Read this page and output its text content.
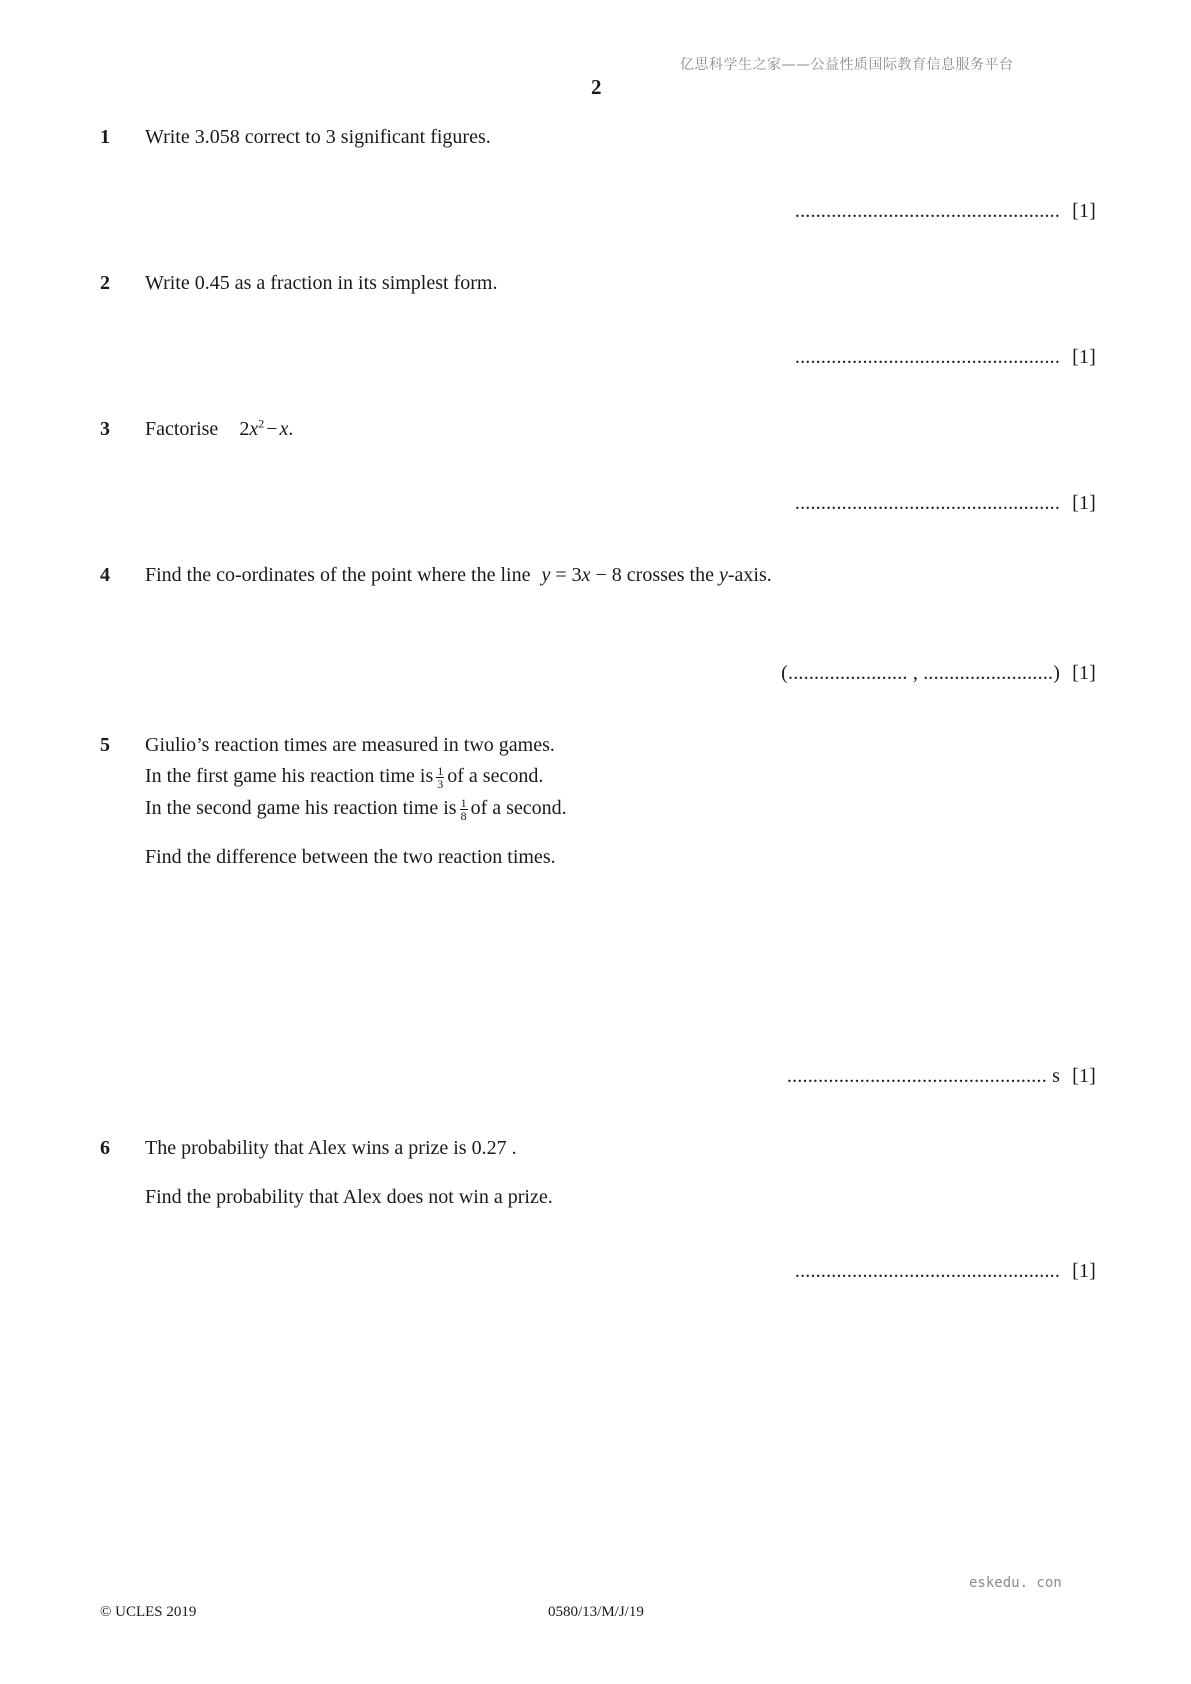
亿思科学生之家——公益性质国际教育信息服务平台
2
1 Write 3.058 correct to 3 significant figures.
................................................... [1]
2 Write 0.45 as a fraction in its simplest form.
................................................... [1]
3 Factorise $2x^2 - x$.
................................................... [1]
4 Find the co-ordinates of the point where the line y = 3x − 8 crosses the y-axis.
(....................... , .........................) [1]
5 Giulio’s reaction times are measured in two games.
In the first game his reaction time is $\frac{1}{3}$ of a second.
In the second game his reaction time is $\frac{1}{8}$ of a second.
Find the difference between the two reaction times.
.................................................. s [1]
6 The probability that Alex wins a prize is 0.27 .
Find the probability that Alex does not win a prize.
................................................... [1]
eskedu. con
© UCLES 2019	0580/13/M/J/19
